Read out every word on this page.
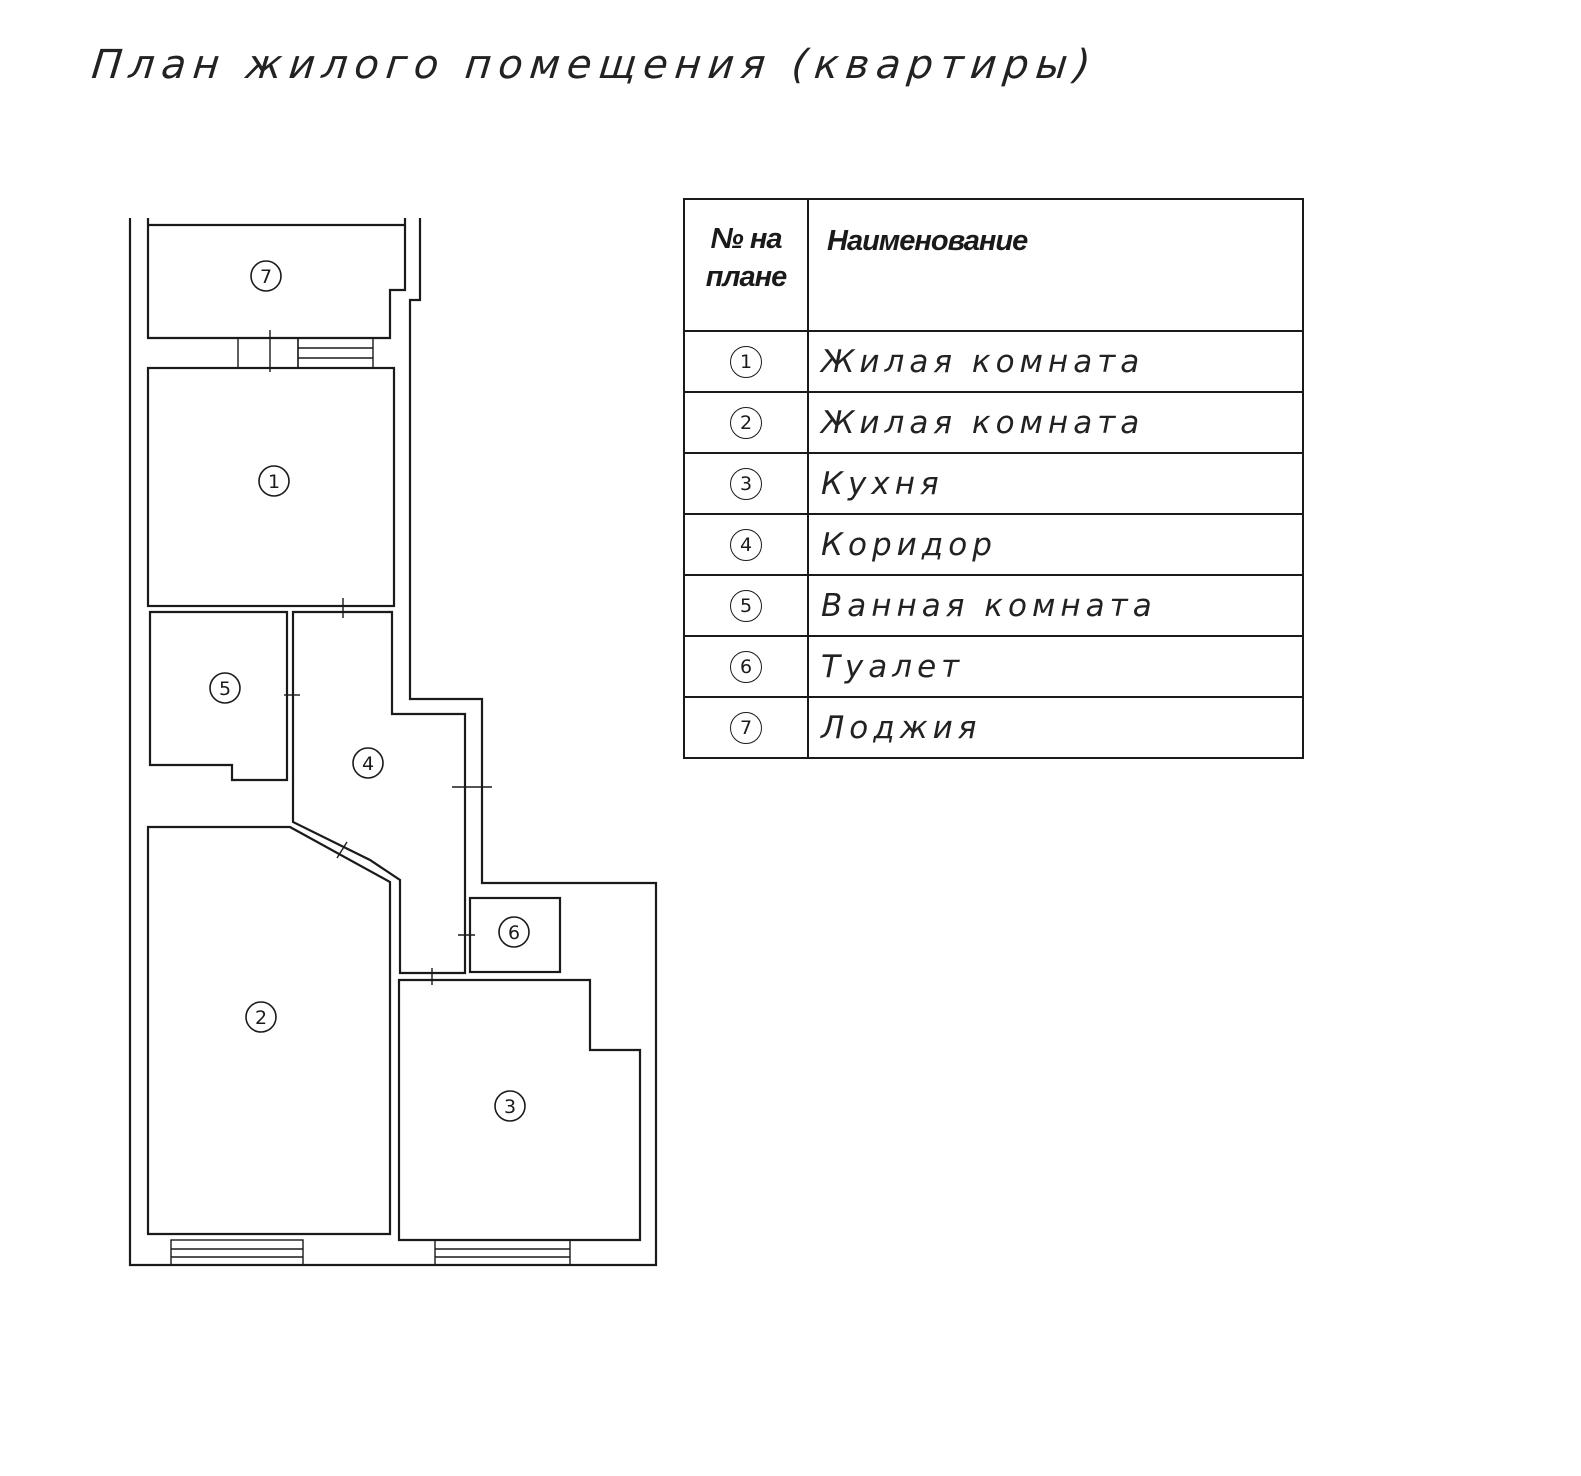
План жилого помещения (квартиры)
7
1
5
4
6
2
3
№ на плане	Наименование
1	Жилая комната
2	Жилая комната
3	Кухня
4	Коридор
5	Ванная комната
6	Туалет
7	Лоджия
